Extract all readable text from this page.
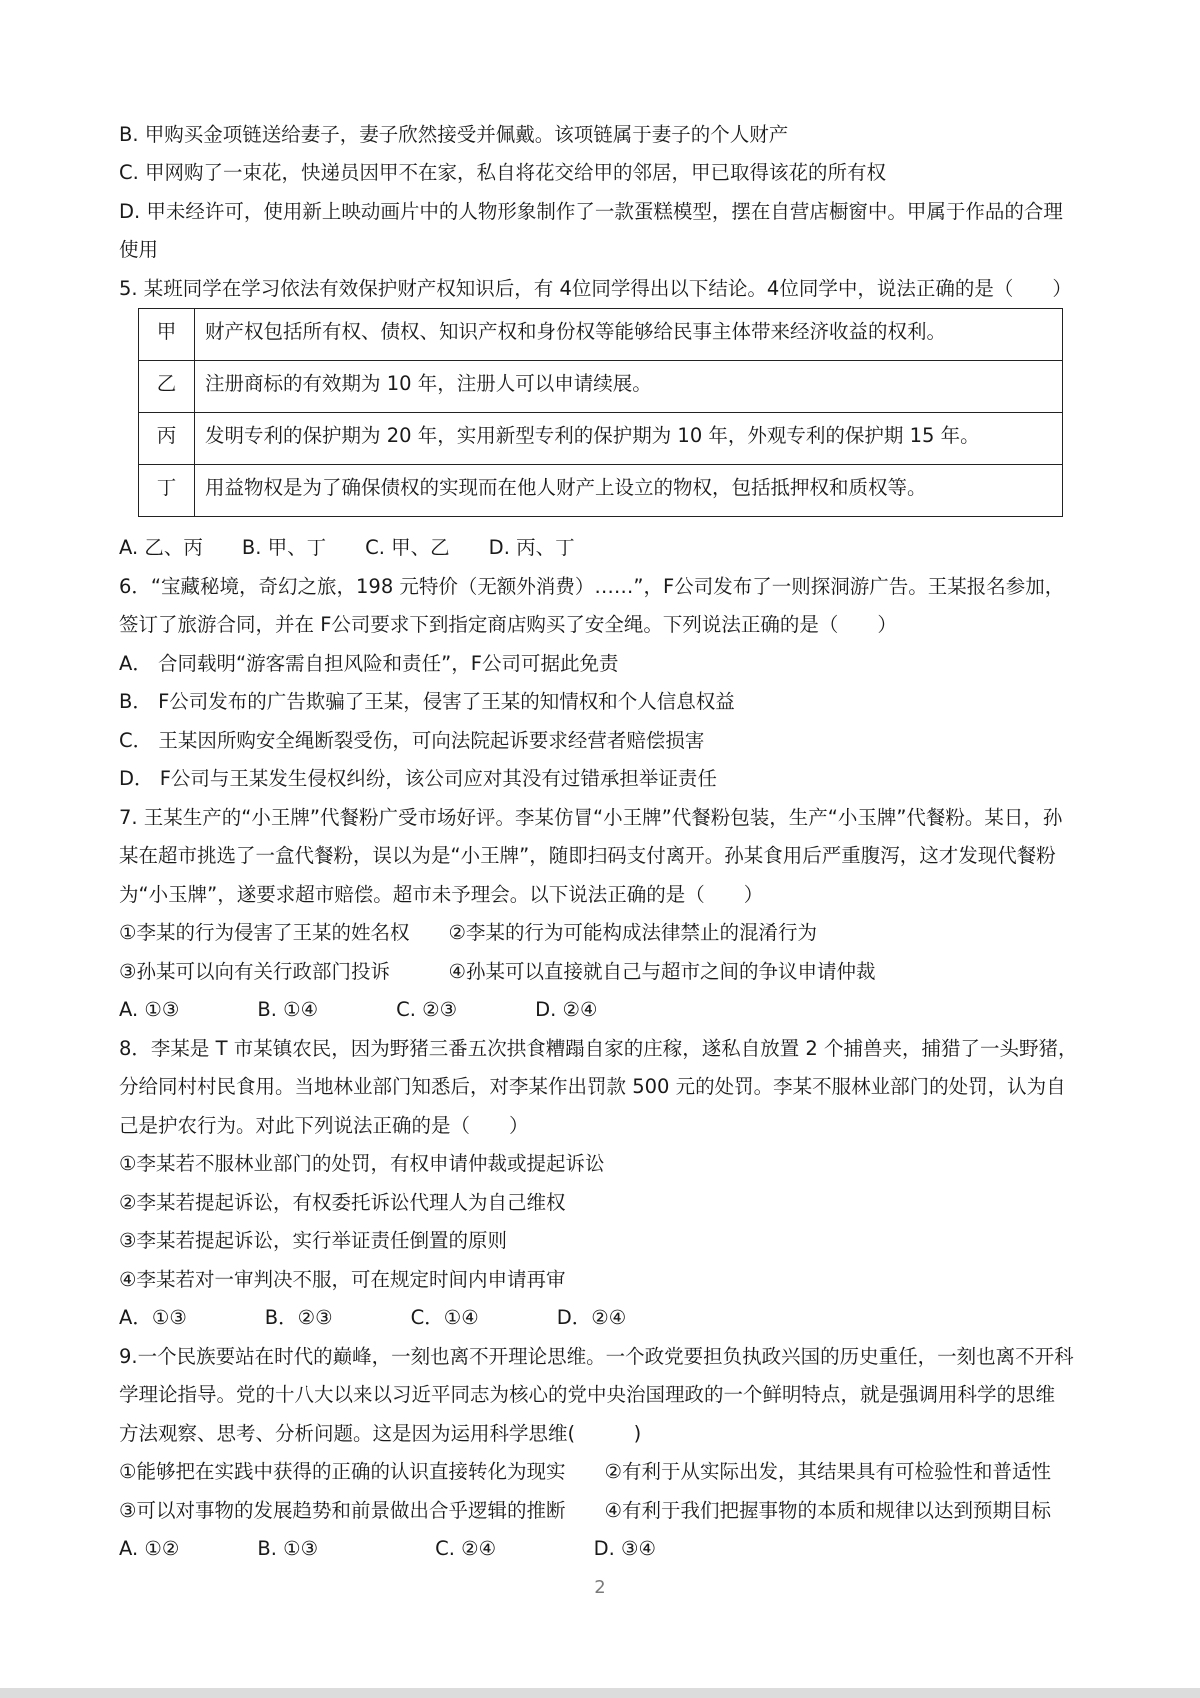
B. 甲购买金项链送给妻子，妻子欣然接受并佩戴。该项链属于妻子的个人财产
C. 甲网购了一束花，快递员因甲不在家，私自将花交给甲的邻居，甲已取得该花的所有权
D. 甲未经许可，使用新上映动画片中的人物形象制作了一款蛋糕模型，摆在自营店橱窗中。甲属于作品的合理
使用
5. 某班同学在学习依法有效保护财产权知识后，有 4位同学得出以下结论。4位同学中，说法正确的是（　　）
甲	财产权包括所有权、债权、知识产权和身份权等能够给民事主体带来经济收益的权利。
乙	注册商标的有效期为 10 年，注册人可以申请续展。
丙	发明专利的保护期为 20 年，实用新型专利的保护期为 10 年，外观专利的保护期 15 年。
丁	用益物权是为了确保债权的实现而在他人财产上设立的物权，包括抵押权和质权等。
A. 乙、丙　　B. 甲、丁　　C. 甲、乙　　D. 丙、丁
6．“宝藏秘境，奇幻之旅，198 元特价（无额外消费）……”，F公司发布了一则探洞游广告。王某报名参加，
签订了旅游合同，并在 F公司要求下到指定商店购买了安全绳。下列说法正确的是（　　）
A． 合同载明“游客需自担风险和责任”，F公司可据此免责
B． F公司发布的广告欺骗了王某，侵害了王某的知情权和个人信息权益
C． 王某因所购安全绳断裂受伤，可向法院起诉要求经营者赔偿损害
D． F公司与王某发生侵权纠纷，该公司应对其没有过错承担举证责任
7. 王某生产的“小王牌”代餐粉广受市场好评。李某仿冒“小王牌”代餐粉包装，生产“小玉牌”代餐粉。某日，孙
某在超市挑选了一盒代餐粉，误以为是“小王牌”，随即扫码支付离开。孙某食用后严重腹泻，这才发现代餐粉
为“小玉牌”，遂要求超市赔偿。超市未予理会。以下说法正确的是（　　）
①李某的行为侵害了王某的姓名权　　②李某的行为可能构成法律禁止的混淆行为
③孙某可以向有关行政部门投诉　　　④孙某可以直接就自己与超市之间的争议申请仲裁
A. ①③　　　　B. ①④　　　　C. ②③　　　　D. ②④
8．李某是 T 市某镇农民，因为野猪三番五次拱食糟蹋自家的庄稼，遂私自放置 2 个捕兽夹，捕猎了一头野猪，
分给同村村民食用。当地林业部门知悉后，对李某作出罚款 500 元的处罚。李某不服林业部门的处罚，认为自
己是护农行为。对此下列说法正确的是（　　）
①李某若不服林业部门的处罚，有权申请仲裁或提起诉讼
②李某若提起诉讼，有权委托诉讼代理人为自己维权
③李某若提起诉讼，实行举证责任倒置的原则
④李某若对一审判决不服，可在规定时间内申请再审
A．①③　　　　B．②③　　　　C．①④　　　　D．②④
9.一个民族要站在时代的巅峰，一刻也离不开理论思维。一个政党要担负执政兴国的历史重任，一刻也离不开科
学理论指导。党的十八大以来以习近平同志为核心的党中央治国理政的一个鲜明特点，就是强调用科学的思维
方法观察、思考、分析问题。这是因为运用科学思维(　　　)
①能够把在实践中获得的正确的认识直接转化为现实　　②有利于从实际出发，其结果具有可检验性和普适性
③可以对事物的发展趋势和前景做出合乎逻辑的推断　　④有利于我们把握事物的本质和规律以达到预期目标
A. ①②　　　　B. ①③　　　　　　C. ②④　　　　　D. ③④
2
